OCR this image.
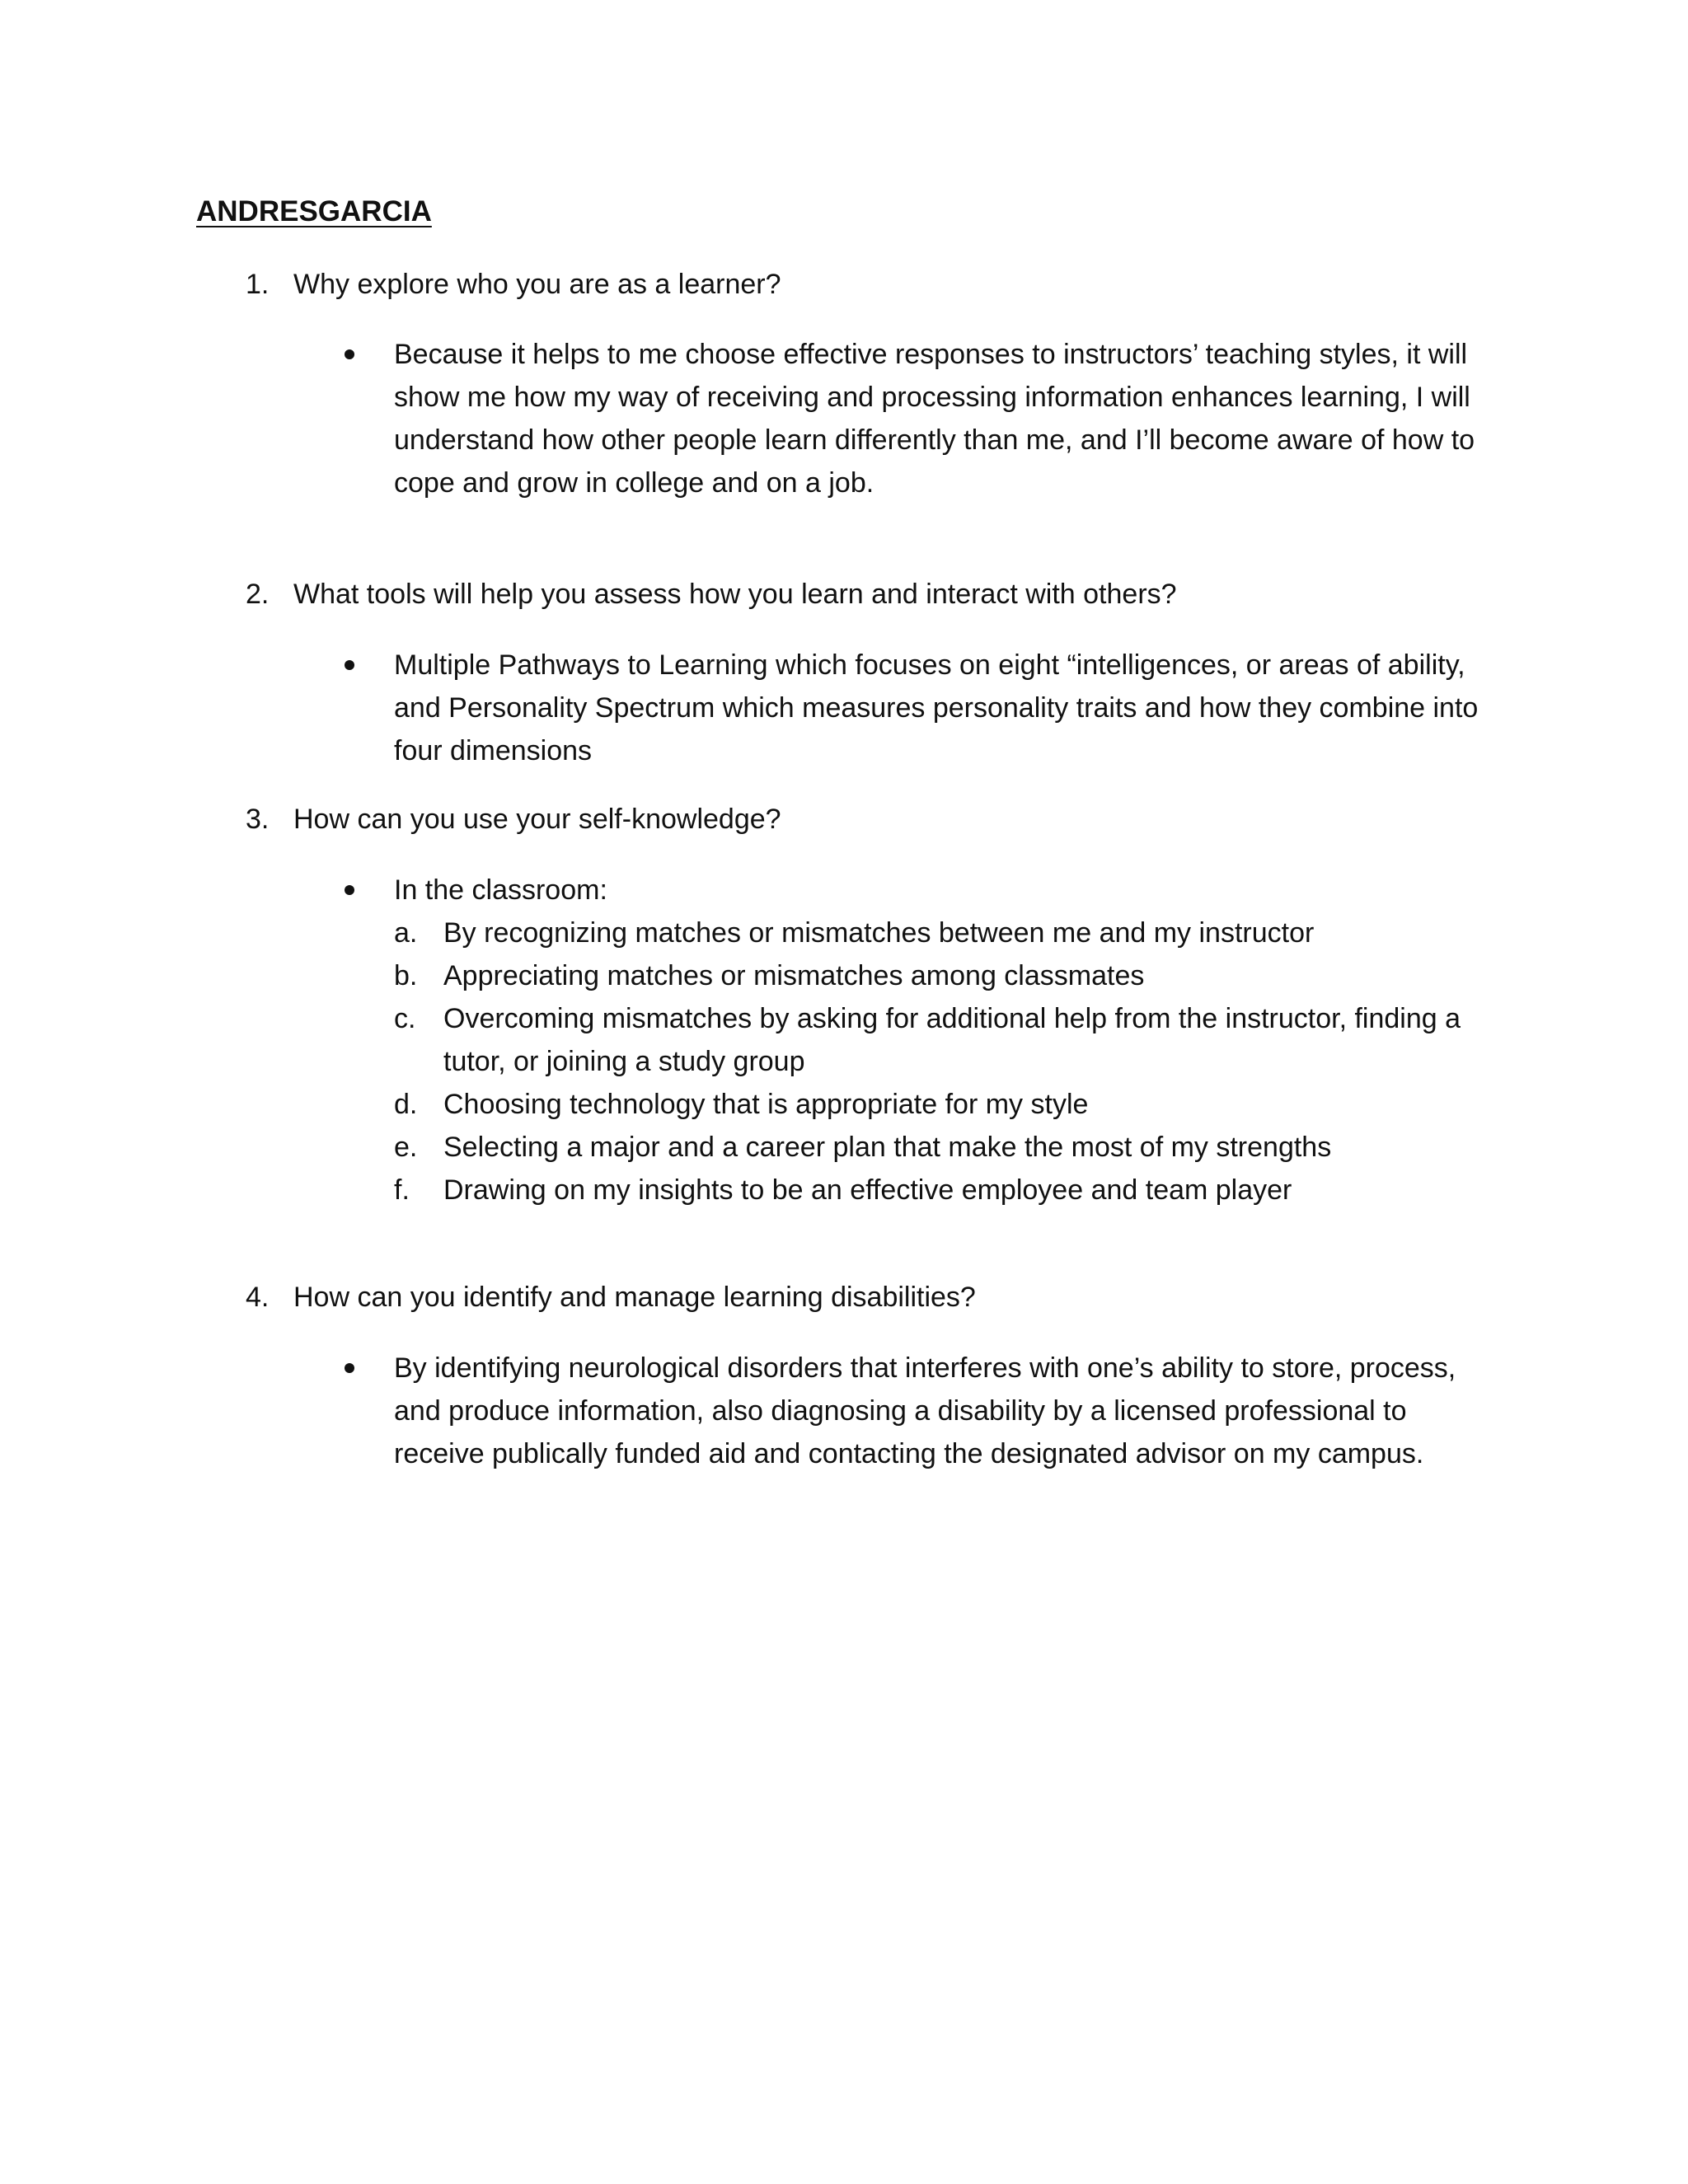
ANDRESGARCIA
1. Why explore who you are as a learner?
Because it helps to me choose effective responses to instructors’ teaching styles, it will show me how my way of receiving and processing information enhances learning, I will understand how other people learn differently than me, and I’ll become aware of how to cope and grow in college and on a job.
2. What tools will help you assess how you learn and interact with others?
Multiple Pathways to Learning which focuses on eight “intelligences, or areas of ability, and Personality Spectrum which measures personality traits and how they combine into four dimensions
3. How can you use your self-knowledge?
In the classroom:
a. By recognizing matches or mismatches between me and my instructor
b. Appreciating matches or mismatches among classmates
c. Overcoming mismatches by asking for additional help from the instructor, finding a tutor, or joining a study group
d. Choosing technology that is appropriate for my style
e. Selecting a major and a career plan that make the most of my strengths
f. Drawing on my insights to be an effective employee and team player
4. How can you identify and manage learning disabilities?
By identifying neurological disorders that interferes with one’s ability to store, process, and produce information, also diagnosing a disability by a licensed professional to receive publically funded aid and contacting the designated advisor on my campus.
